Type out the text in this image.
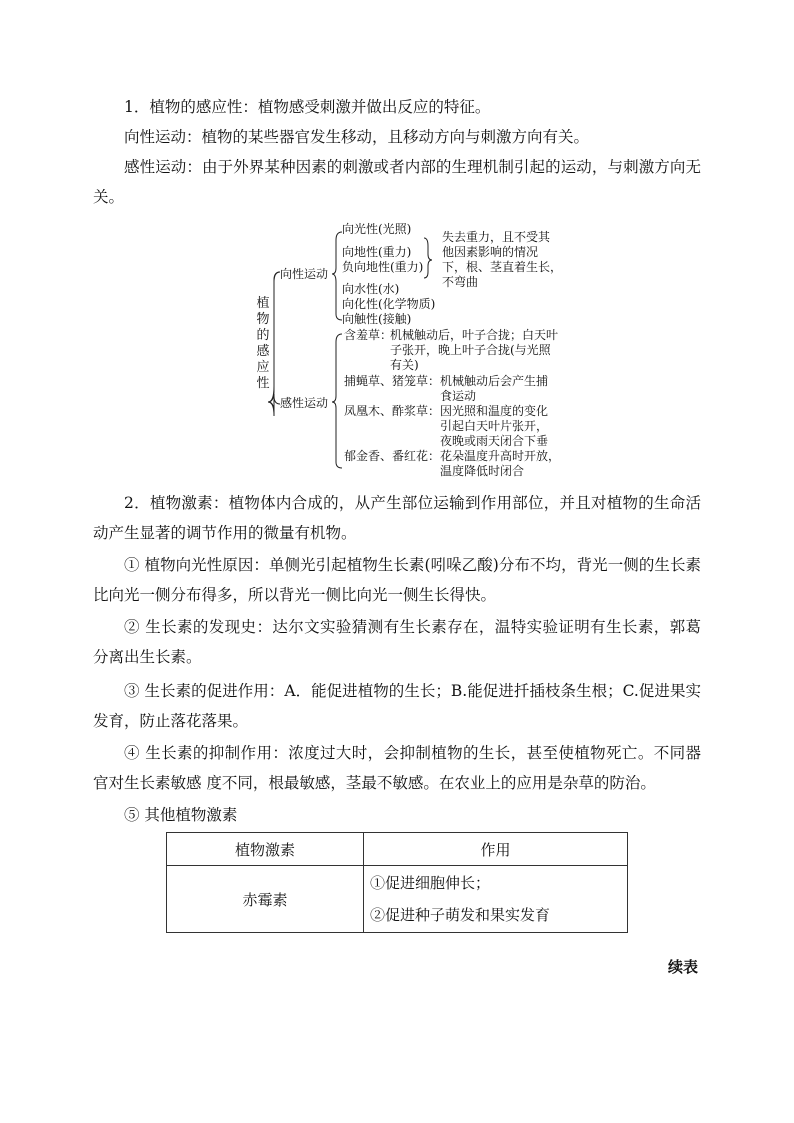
1．植物的感应性：植物感受刺激并做出反应的特征。
向性运动：植物的某些器官发生移动，且移动方向与刺激方向有关。
感性运动：由于外界某种因素的刺激或者内部的生理机制引起的运动，与刺激方向无关。
植
物
的
感
应
性
向性运动
感性运动
向光性(光照)
向地性(重力)
负向地性(重力)
向水性(水)
向化性(化学物质)
向触性(接触)
失去重力，且不受其
他因素影响的情况
下，根、茎直着生长，
不弯曲
含羞草：
机械触动后，叶子合拢；白天叶
子张开，晚上叶子合拢(与光照
有关)
捕蝇草、猪笼草： 机械触动后会产生捕
食运动
凤凰木、酢浆草： 因光照和温度的变化
引起白天叶片张开，
夜晚或雨天闭合下垂
郁金香、番红花： 花朵温度升高时开放，
温度降低时闭合
2．植物激素：植物体内合成的，从产生部位运输到作用部位，并且对植物的生命活动产生显著的调节作用的微量有机物。
① 植物向光性原因：单侧光引起植物生长素(吲哚乙酸)分布不均，背光一侧的生长素比向光一侧分布得多，所以背光一侧比向光一侧生长得快。
② 生长素的发现史：达尔文实验猜测有生长素存在，温特实验证明有生长素，郭葛分离出生长素。
③ 生长素的促进作用：A．能促进植物的生长；B.能促进扦插枝条生根；C.促进果实发育，防止落花落果。
④ 生长素的抑制作用：浓度过大时，会抑制植物的生长，甚至使植物死亡。不同器官对生长素敏感 度不同，根最敏感，茎最不敏感。在农业上的应用是杂草的防治。
⑤ 其他植物激素
植物激素	作用
赤霉素	①促进细胞伸长；
②促进种子萌发和果实发育
续表
